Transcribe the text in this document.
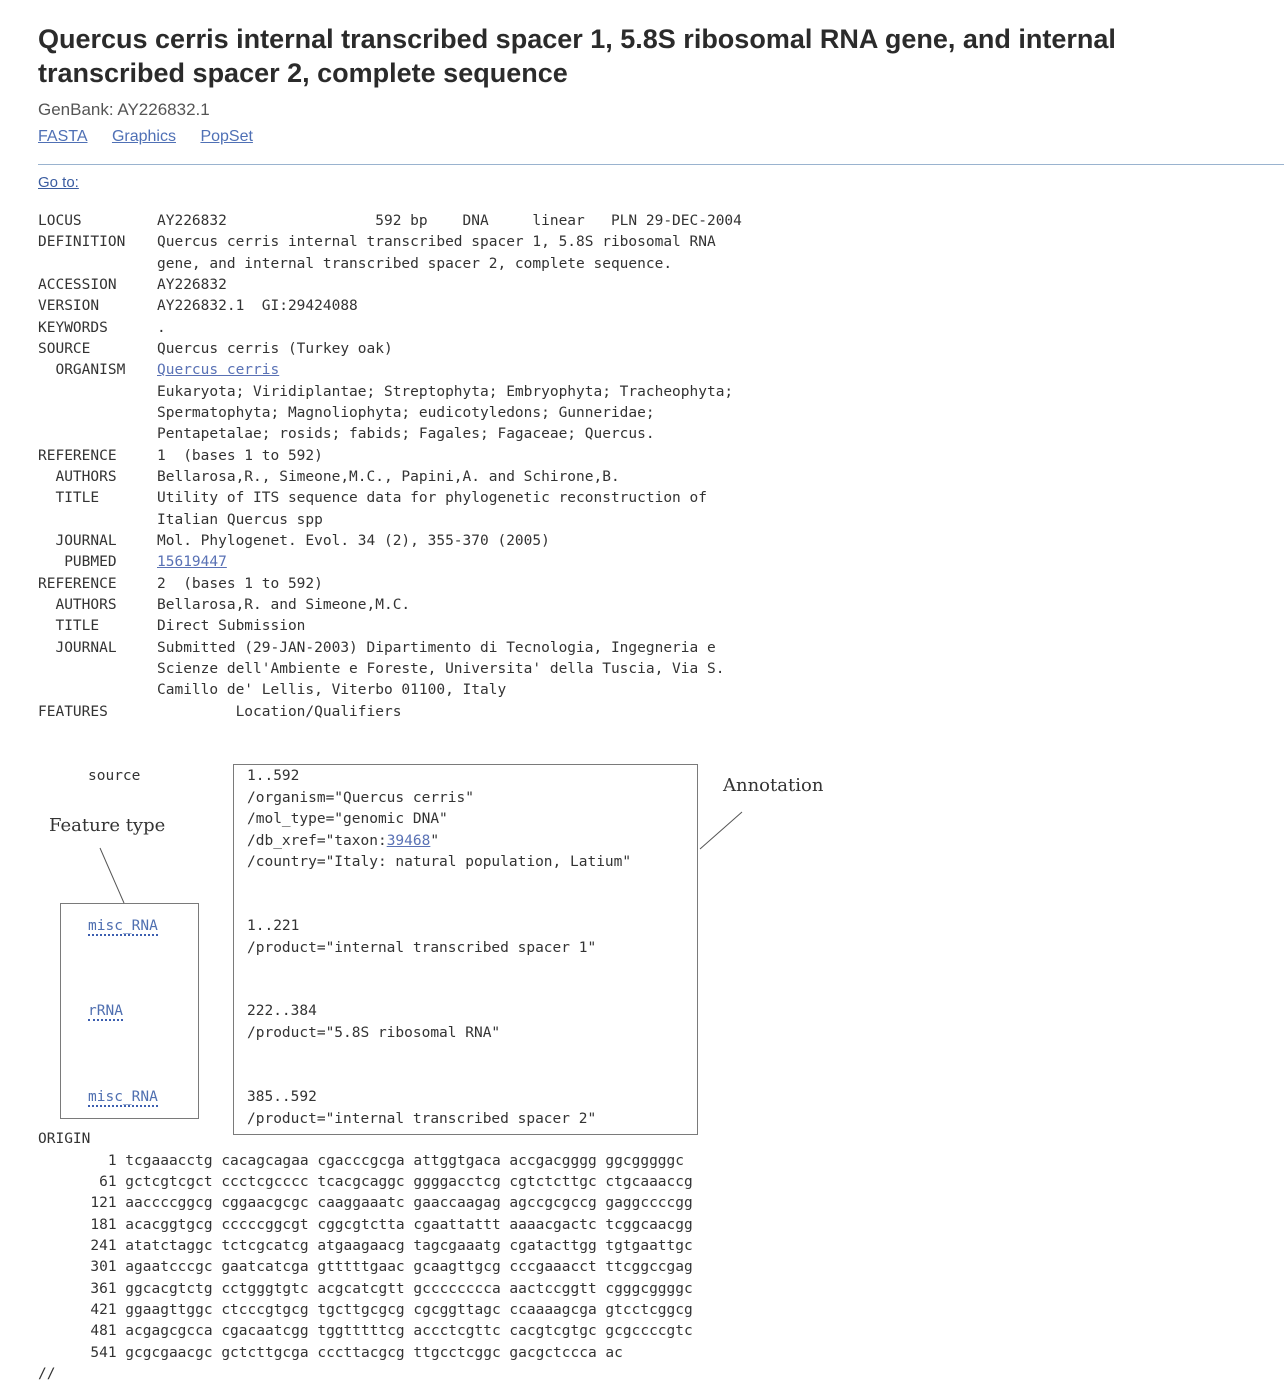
Quercus cerris internal transcribed spacer 1, 5.8S ribosomal RNA gene, and internal transcribed spacer 2, complete sequence
GenBank: AY226832.1
FASTA Graphics PopSet
Go to:

LOCUS	AY226832                 592 bp    DNA     linear   PLN 29-DEC-2004

DEFINITION Quercus cerris internal transcribed spacer 1, 5.8S ribosomal RNA

gene, and internal transcribed spacer 2, complete sequence.

ACCESSION	AY226832

VERSION	AY226832.1  GI:29424088

KEYWORDS	.

SOURCE	Quercus cerris (Turkey oak)

ORGANISM Quercus cerris

Eukaryota; Viridiplantae; Streptophyta; Embryophyta; Tracheophyta;

Spermatophyta; Magnoliophyta; eudicotyledons; Gunneridae;

Pentapetalae; rosids; fabids; Fagales; Fagaceae; Quercus.

REFERENCE	1  (bases 1 to 592)

AUTHORS	Bellarosa,R., Simeone,M.C., Papini,A. and Schirone,B.

TITLE	Utility of ITS sequence data for phylogenetic reconstruction of

Italian Quercus spp

JOURNAL	Mol. Phylogenet. Evol. 34 (2), 355-370 (2005)

PUBMED	15619447

REFERENCE	2  (bases 1 to 592)

AUTHORS	Bellarosa,R. and Simeone,M.C.

TITLE	Direct Submission

JOURNAL	Submitted (29-JAN-2003) Dipartimento di Tecnologia, Ingegneria e

Scienze dell'Ambiente e Foreste, Universita' della Tuscia, Via S.

Camillo de' Lellis, Viterbo 01100, Italy

FEATURES	Location/Qualifiers

Feature type
Annotation
source	1..592
/organism="Quercus cerris"
/mol_type="genomic DNA"
/db_xref="taxon:39468"
/country="Italy: natural population, Latium"
misc_RNA	1..221
/product="internal transcribed spacer 1"
rRNA	222..384
/product="5.8S ribosomal RNA"
misc_RNA	385..592
/product="internal transcribed spacer 2"

ORIGIN

1 tcgaaacctg cacagcagaa cgacccgcga attggtgaca accgacgggg ggcgggggc

61 gctcgtcgct ccctcgcccc tcacgcaggc ggggacctcg cgtctcttgc ctgcaaaccg

121 aaccccggcg cggaacgcgc caaggaaatc gaaccaagag agccgcgccg gaggccccgg

181 acacggtgcg cccccggcgt cggcgtctta cgaattattt aaaacgactc tcggcaacgg

241 atatctaggc tctcgcatcg atgaagaacg tagcgaaatg cgatacttgg tgtgaattgc

301 agaatcccgc gaatcatcga gtttttgaac gcaagttgcg cccgaaacct ttcggccgag

361 ggcacgtctg cctgggtgtc acgcatcgtt gcccccccca aactccggtt cgggcggggc

421 ggaagttggc ctcccgtgcg tgcttgcgcg cgcggttagc ccaaaagcga gtcctcggcg

481 acgagcgcca cgacaatcgg tggtttttcg accctcgttc cacgtcgtgc gcgccccgtc

541 gcgcgaacgc gctcttgcga cccttacgcg ttgcctcggc gacgctccca ac

//
